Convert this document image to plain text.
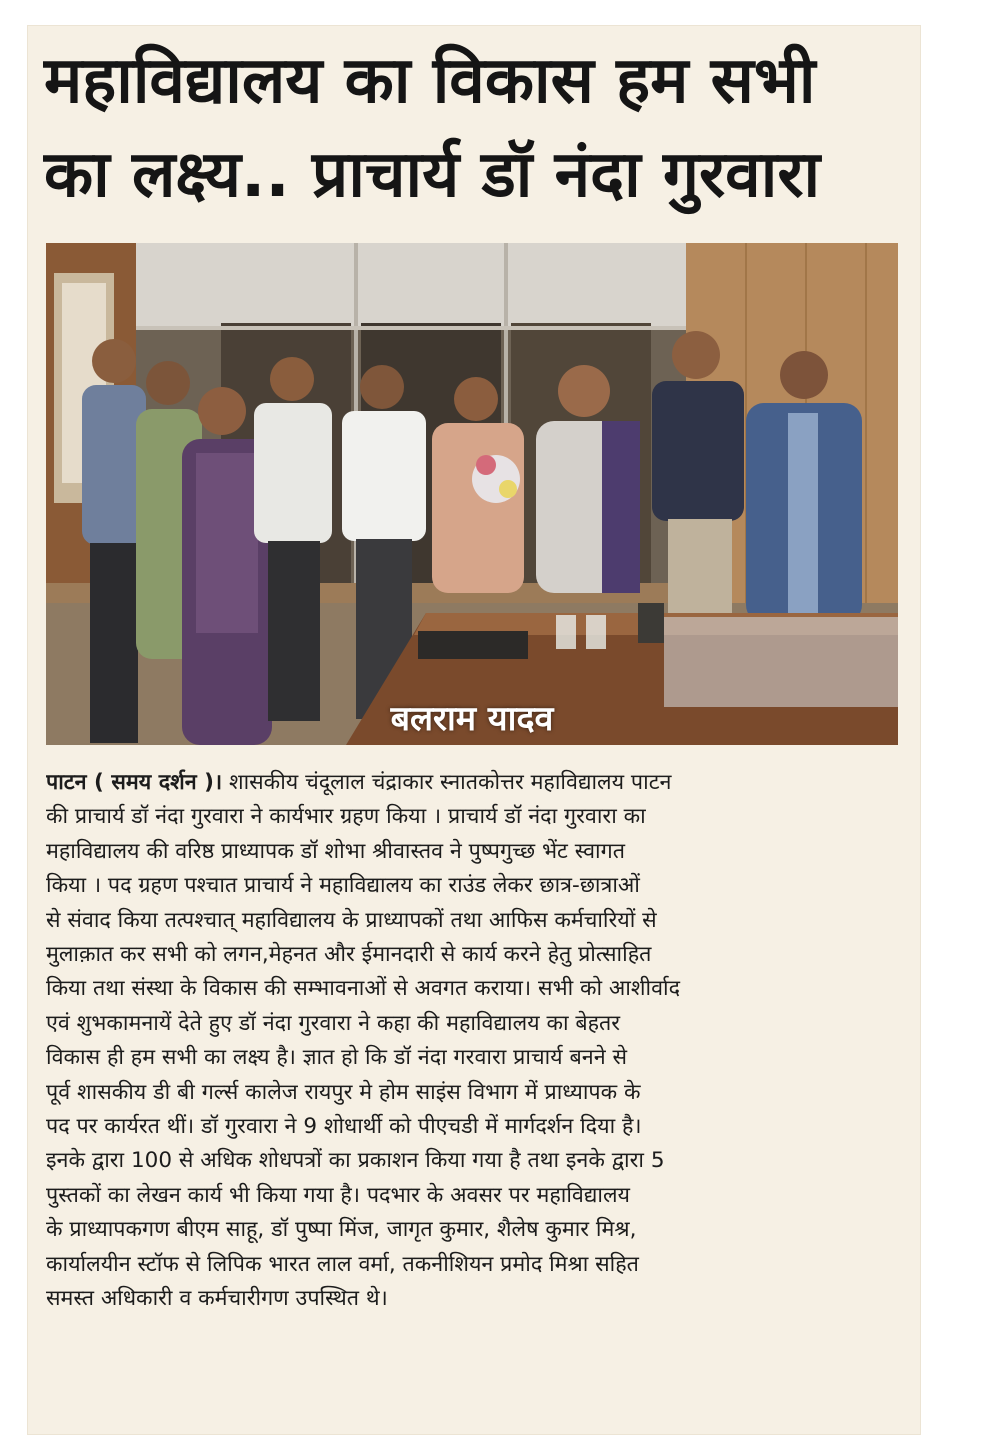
महाविद्यालय का विकास हम सभी
का लक्ष्य.. प्राचार्य डॉ नंदा गुरवारा
बलराम यादव
पाटन ( समय दर्शन )। शासकीय चंदूलाल चंद्राकार स्नातकोत्तर महाविद्यालय पाटन
की प्राचार्य डॉ नंदा गुरवारा ने कार्यभार ग्रहण किया । प्राचार्य डॉ नंदा गुरवारा का
महाविद्यालय की वरिष्ठ प्राध्यापक डॉ शोभा श्रीवास्तव ने पुष्पगुच्छ भेंट स्वागत
किया । पद ग्रहण पश्चात प्राचार्य ने महाविद्यालय का राउंड लेकर छात्र-छात्राओं
से संवाद किया तत्पश्चात् महाविद्यालय के प्राध्यापकों तथा आफिस कर्मचारियों से
मुलाक़ात कर सभी को लगन,मेहनत और ईमानदारी से कार्य करने हेतु प्रोत्साहित
किया तथा संस्था के विकास की सम्भावनाओं से अवगत कराया। सभी को आशीर्वाद
एवं शुभकामनायें देते हुए डॉ नंदा गुरवारा ने कहा की महाविद्यालय का बेहतर
विकास ही हम सभी का लक्ष्य है। ज्ञात हो कि डॉ नंदा गरवारा प्राचार्य बनने से
पूर्व शासकीय डी बी गर्ल्स कालेज रायपुर मे होम साइंस विभाग में प्राध्यापक के
पद पर कार्यरत थीं। डॉ गुरवारा ने 9 शोधार्थी को पीएचडी में मार्गदर्शन दिया है।
इनके द्वारा 100 से अधिक शोधपत्रों का प्रकाशन किया गया है तथा इनके द्वारा 5
पुस्तकों का लेखन कार्य भी किया गया है। पदभार के अवसर पर महाविद्यालय
के प्राध्यापकगण बीएम साहू, डॉ पुष्पा मिंज, जागृत कुमार, शैलेष कुमार मिश्र,
कार्यालयीन स्टॉफ से लिपिक भारत लाल वर्मा, तकनीशियन प्रमोद मिश्रा सहित
समस्त अधिकारी व कर्मचारीगण उपस्थित थे।
